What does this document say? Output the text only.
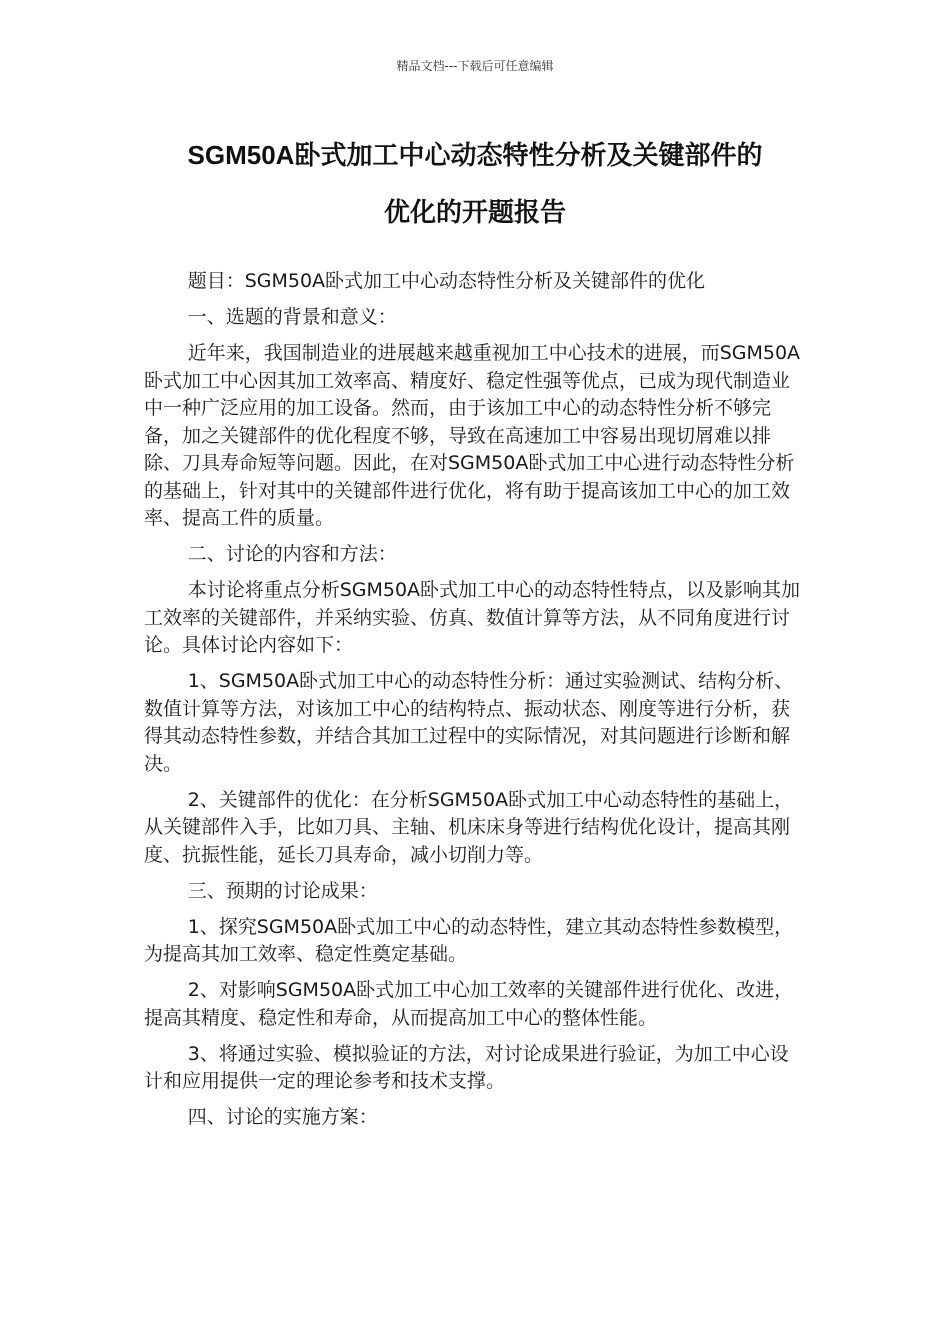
精品文档---下载后可任意编辑
SGM50A卧式加工中心动态特性分析及关键部件的
优化的开题报告

题目：SGM50A卧式加工中心动态特性分析及关键部件的优化

一、选题的背景和意义：

近年来，我国制造业的进展越来越重视加工中心技术的进展，而SGM50A卧式加工中心因其加工效率高、精度好、稳定性强等优点，已成为现代制造业中一种广泛应用的加工设备。然而，由于该加工中心的动态特性分析不够完备，加之关键部件的优化程度不够，导致在高速加工中容易出现切屑难以排除、刀具寿命短等问题。因此，在对SGM50A卧式加工中心进行动态特性分析的基础上，针对其中的关键部件进行优化，将有助于提高该加工中心的加工效率、提高工件的质量。

二、讨论的内容和方法：

本讨论将重点分析SGM50A卧式加工中心的动态特性特点，以及影响其加工效率的关键部件，并采纳实验、仿真、数值计算等方法，从不同角度进行讨论。具体讨论内容如下：

1、SGM50A卧式加工中心的动态特性分析：通过实验测试、结构分析、数值计算等方法，对该加工中心的结构特点、振动状态、刚度等进行分析，获得其动态特性参数，并结合其加工过程中的实际情况，对其问题进行诊断和解决。

2、关键部件的优化：在分析SGM50A卧式加工中心动态特性的基础上，从关键部件入手，比如刀具、主轴、机床床身等进行结构优化设计，提高其刚度、抗振性能，延长刀具寿命，减小切削力等。

三、预期的讨论成果：

1、探究SGM50A卧式加工中心的动态特性，建立其动态特性参数模型，为提高其加工效率、稳定性奠定基础。

2、对影响SGM50A卧式加工中心加工效率的关键部件进行优化、改进，提高其精度、稳定性和寿命，从而提高加工中心的整体性能。

3、将通过实验、模拟验证的方法，对讨论成果进行验证，为加工中心设计和应用提供一定的理论参考和技术支撑。

四、讨论的实施方案：
